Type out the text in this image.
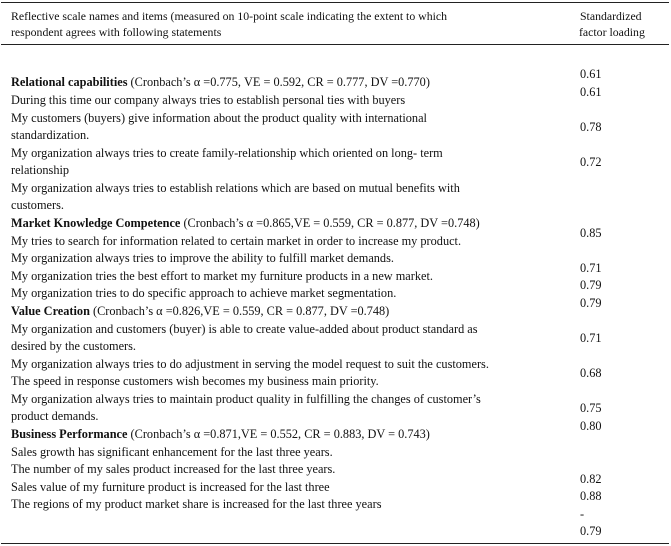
Reflective scale names and items (measured on 10-point scale indicating the extent to which
respondent agrees with following statements
Standardized
factor loading
Relational capabilities (Cronbach’s α =0.775, VE = 0.592, CR = 0.777, DV =0.770)
During this time our company always tries to establish personal ties with buyers
My customers (buyers) give information about the product quality with international
standardization.
My organization always tries to create family-relationship which oriented on long- term
relationship
My organization always tries to establish relations which are based on mutual benefits with
customers.
Market Knowledge Competence (Cronbach’s α =0.865,VE = 0.559, CR = 0.877, DV =0.748)
My tries to search for information related to certain market in order to increase my product.
My organization always tries to improve the ability to fulfill market demands.
My organization tries the best effort to market my furniture products in a new market.
My organization tries to do specific approach to achieve market segmentation.
Value Creation (Cronbach’s α =0.826,VE = 0.559, CR = 0.877, DV =0.748)
My organization and customers (buyer) is able to create value-added about product standard as
desired by the customers.
My organization always tries to do adjustment in serving the model request to suit the customers.
The speed in response customers wish becomes my business main priority.
My organization always tries to maintain product quality in fulfilling the changes of customer’s
product demands.
Business Performance (Cronbach’s α =0.871,VE = 0.552, CR = 0.883, DV = 0.743)
Sales growth has significant enhancement for the last three years.
The number of my sales product increased for the last three years.
Sales value of my furniture product is increased for the last three
The regions of my product market share is increased for the last three years
0.61
0.61
0.78
0.72
0.85
0.71
0.79
0.79
0.71
0.68
0.75
0.80
0.82
0.88
-
0.79
